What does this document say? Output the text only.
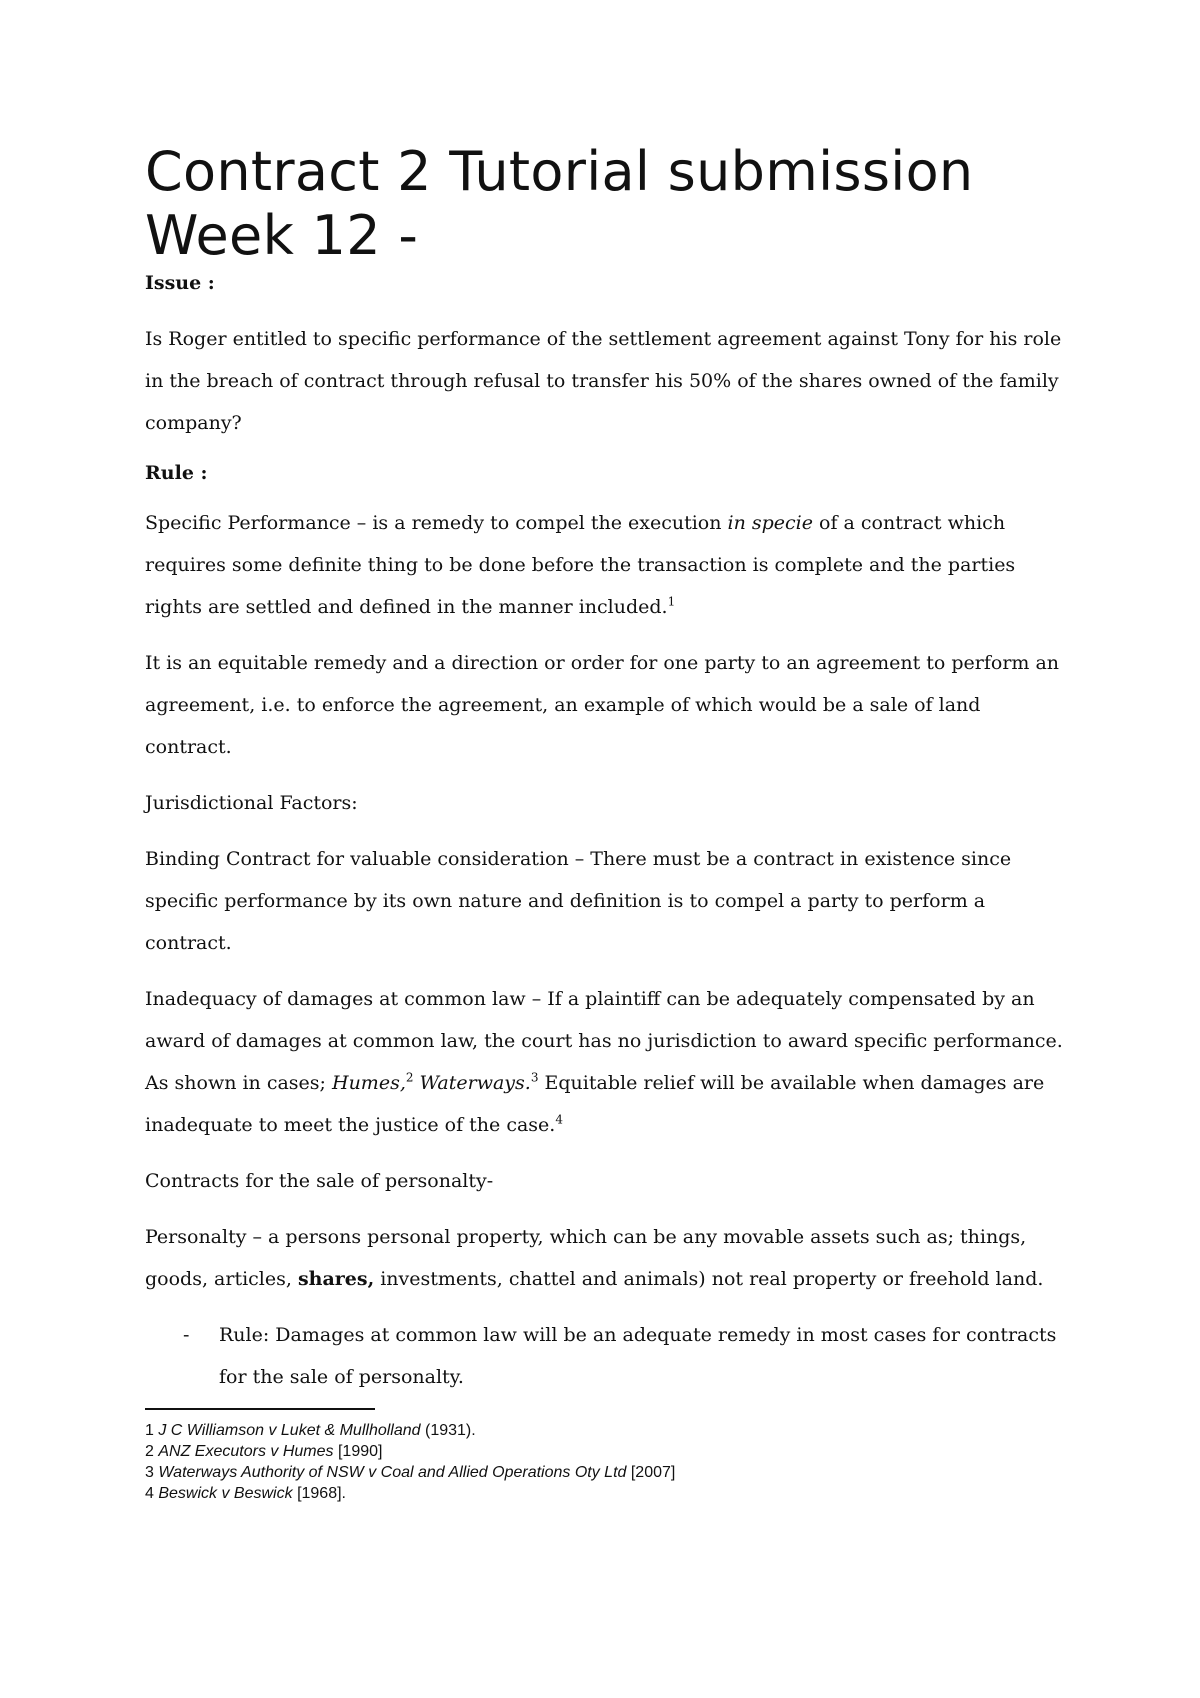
Contract 2 Tutorial submission
Week 12 -

Issue :

Is Roger entitled to specific performance of the settlement agreement against Tony for his role in the breach of contract through refusal to transfer his 50% of the shares owned of the family company?

Rule :

Specific Performance – is a remedy to compel the execution in specie of a contract which requires some definite thing to be done before the transaction is complete and the parties rights are settled and defined in the manner included.$^1$

It is an equitable remedy and a direction or order for one party to an agreement to perform an agreement, i.e. to enforce the agreement, an example of which would be a sale of land contract.

Jurisdictional Factors:

Binding Contract for valuable consideration – There must be a contract in existence since specific performance by its own nature and definition is to compel a party to perform a contract.

Inadequacy of damages at common law – If a plaintiff can be adequately compensated by an award of damages at common law, the court has no jurisdiction to award specific performance. As shown in cases; Humes,$^2$ Waterways.$^3$ Equitable relief will be available when damages are inadequate to meet the justice of the case.$^4$

Contracts for the sale of personalty-

Personalty – a persons personal property, which can be any movable assets such as; things, goods, articles, shares, investments, chattel and animals) not real property or freehold land.

- Rule: Damages at common law will be an adequate remedy in most cases for contracts for the sale of personalty.

1 J C Williamson v Luket & Mullholland (1931).

2 ANZ Executors v Humes [1990]

3 Waterways Authority of NSW v Coal and Allied Operations Oty Ltd [2007]

4 Beswick v Beswick [1968].
